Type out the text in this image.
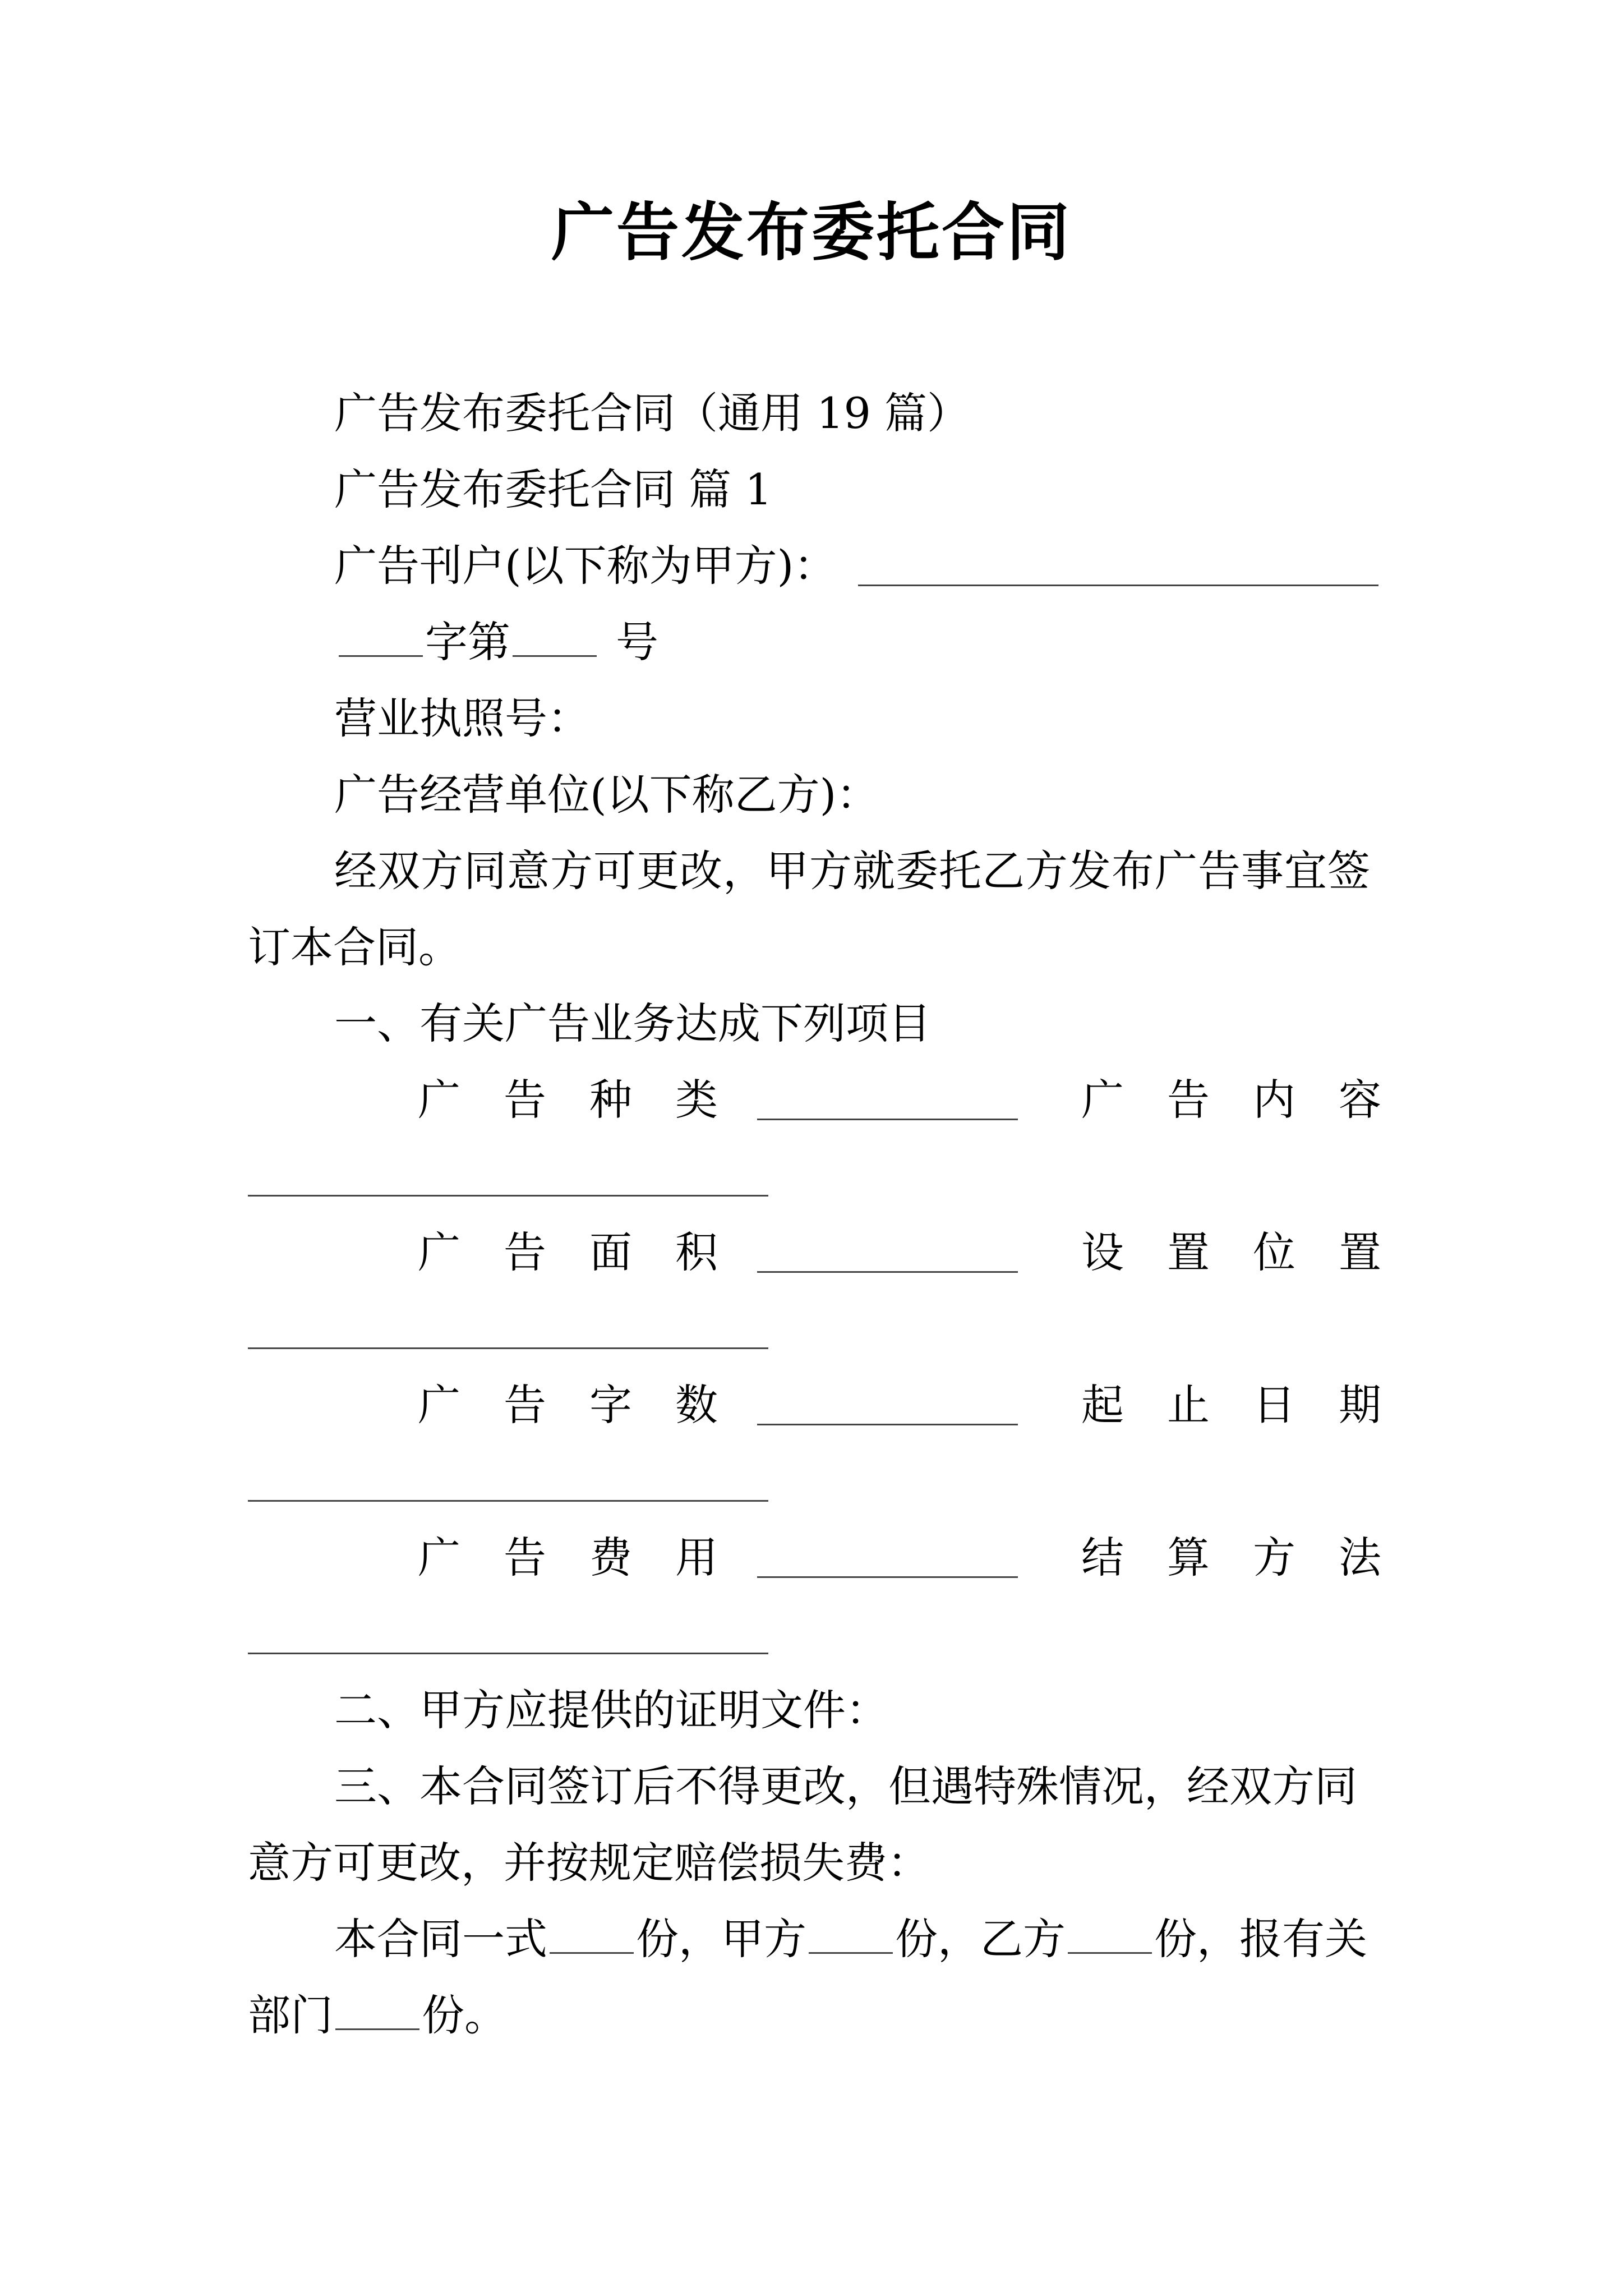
广告发布委托合同
广告发布委托合同（通用 19 篇）
广告发布委托合同 篇 1
广告刊户(以下称为甲方)：
字第 号
营业执照号：
广告经营单位(以下称乙方)：
经双方同意方可更改，甲方就委托乙方发布广告事宜签
订本合同。
一、有关广告业务达成下列项目
广 告 种 类	广 告 内 容
广 告 面 积	设 置 位 置
广 告 字 数	起 止 日 期
广 告 费 用	结 算 方 法
二、甲方应提供的证明文件：
三、本合同签订后不得更改，但遇特殊情况，经双方同
意方可更改，并按规定赔偿损失费：
本合同一式 份，甲方 份，乙方 份，报有关
部门 份。
